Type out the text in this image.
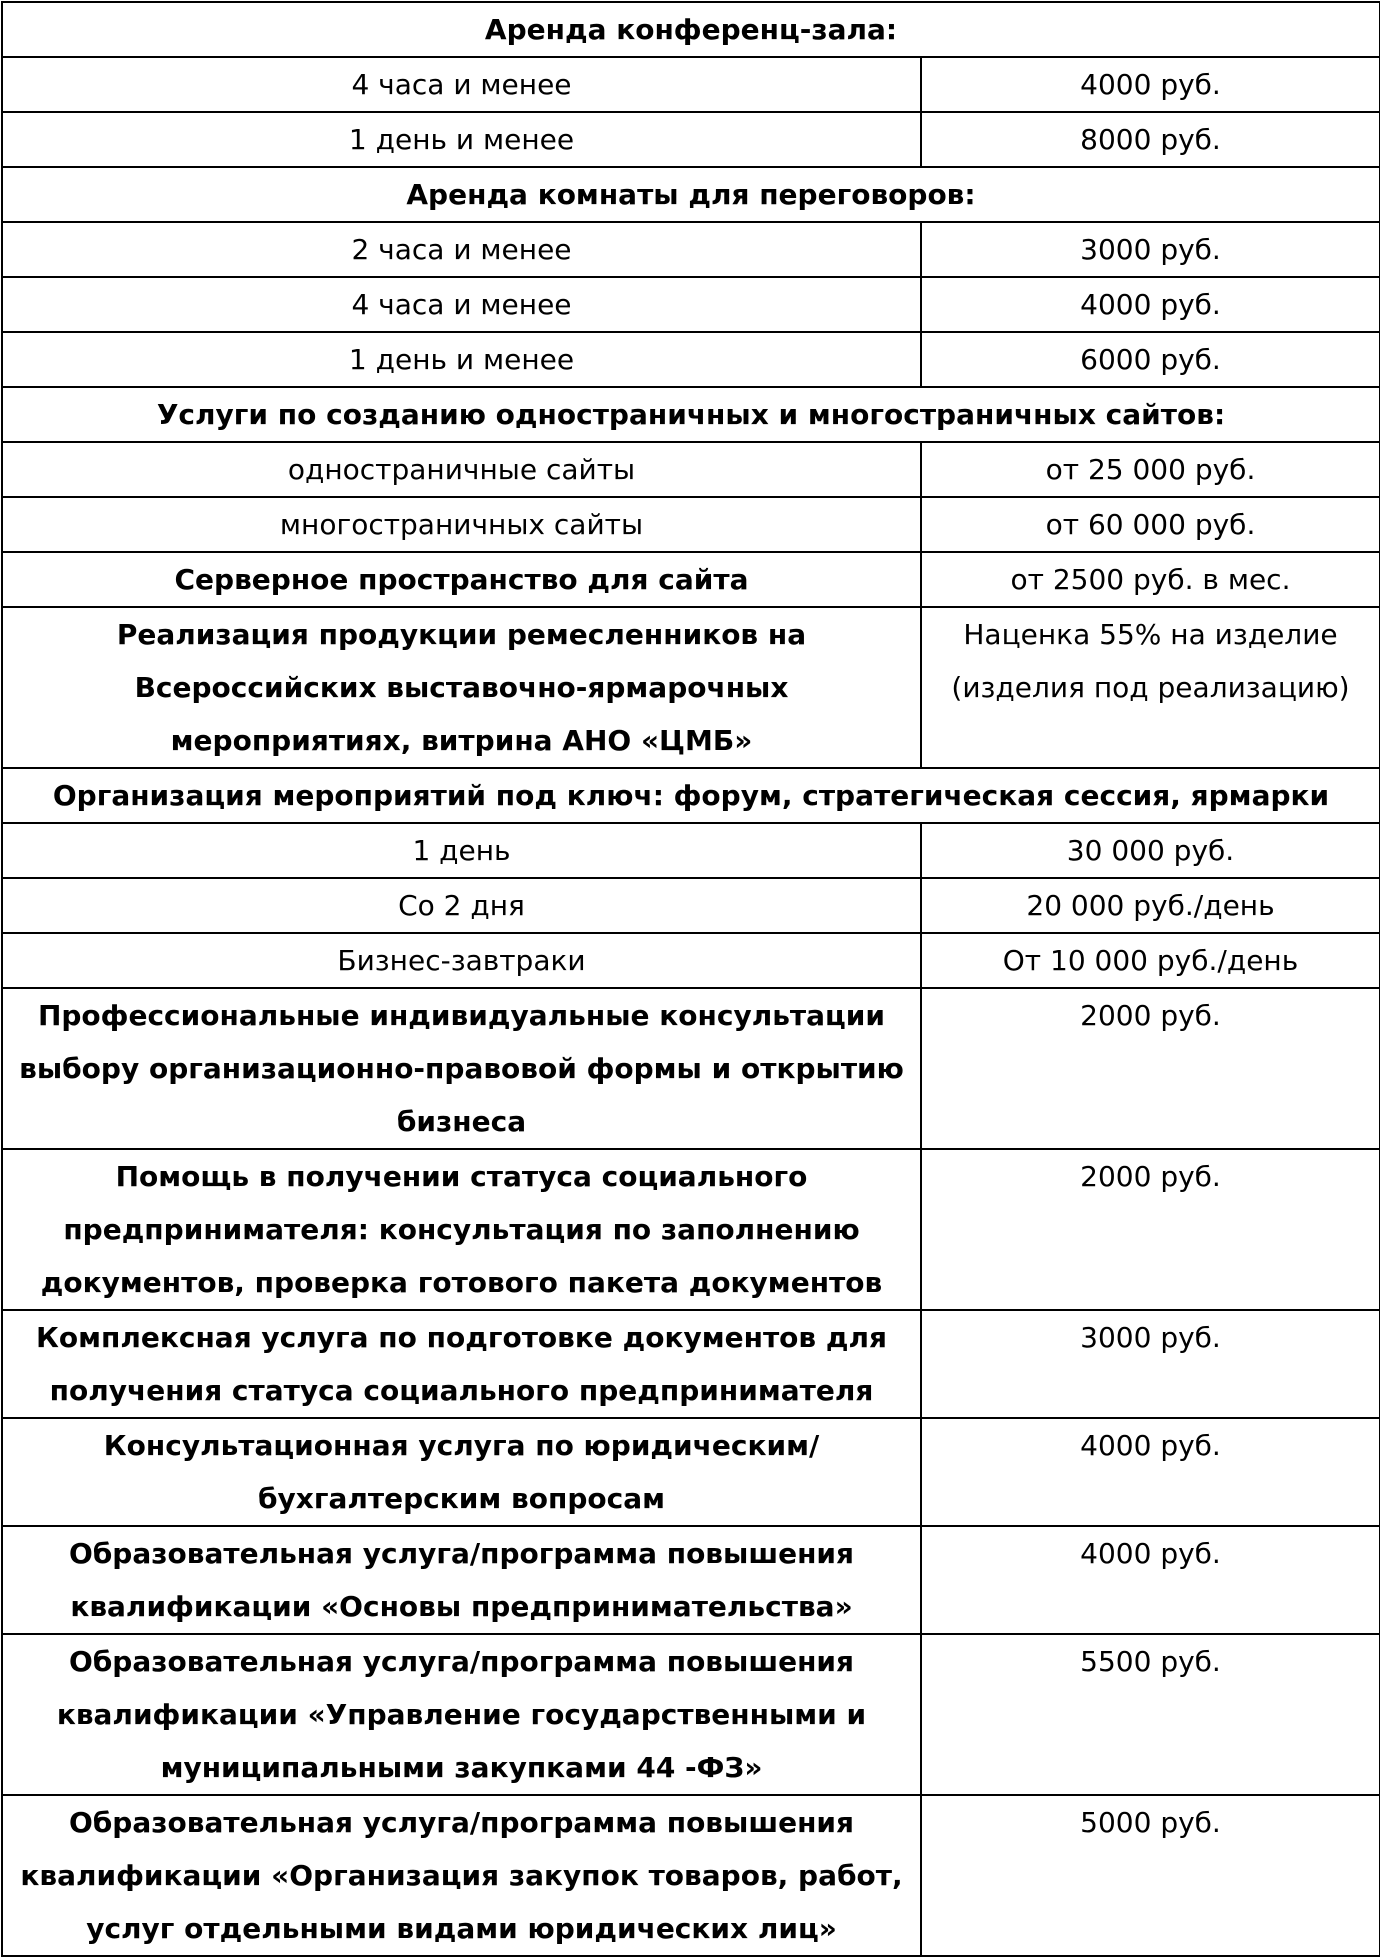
Аренда конференц-зала:	
4 часа и менее	4000 руб.
1 день и менее	8000 руб.
Аренда комнаты для переговоров:	
2 часа и менее	3000 руб.
4 часа и менее	4000 руб.
1 день и менее	6000 руб.
Услуги по созданию одностраничных и многостраничных сайтов:	
одностраничные сайты	от 25 000 руб.
многостраничных сайты	от 60 000 руб.
Серверное пространство для сайта	от 2500 руб. в мес.
Реализация продукции ремесленников на Всероссийских выставочно-ярмарочных мероприятиях, витрина АНО «ЦМБ»	Наценка 55% на изделие (изделия под реализацию)
Организация мероприятий под ключ: форум, стратегическая сессия, ярмарки	
1 день	30 000 руб.
Со 2 дня	20 000 руб./день
Бизнес-завтраки	От 10 000 руб./день
Профессиональные индивидуальные консультации выбору организационно-правовой формы и открытию бизнеса	2000 руб.
Помощь в получении статуса социального предпринимателя: консультация по заполнению документов, проверка готового пакета документов	2000 руб.
Комплексная услуга по подготовке документов для получения статуса социального предпринимателя	3000 руб.
Консультационная услуга по юридическим/бухгалтерским вопросам	4000 руб.
Образовательная услуга/программа повышения квалификации «Основы предпринимательства»	4000 руб.
Образовательная услуга/программа повышения квалификации «Управление государственными и муниципальными закупками 44 -ФЗ»	5500 руб.
Образовательная услуга/программа повышения квалификации «Организация закупок товаров, работ, услуг отдельными видами юридических лиц»	5000 руб.
